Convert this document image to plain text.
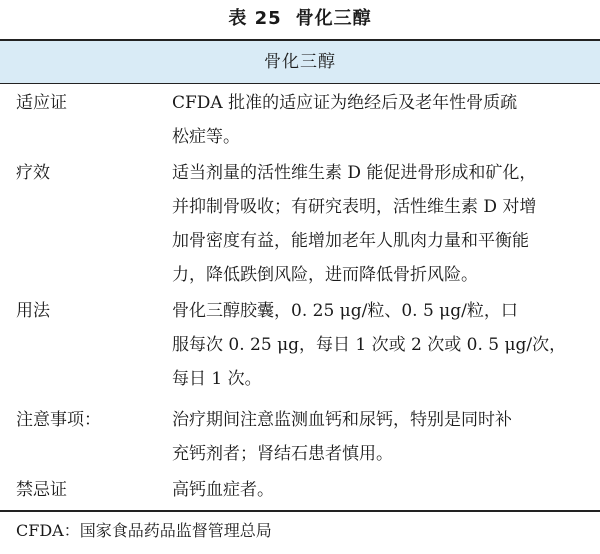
表 25 骨化三醇
骨化三醇
适应证	CFDA 批准的适应证为绝经后及老年性骨质疏
松症等。
疗效	适当剂量的活性维生素 D 能促进骨形成和矿化，
并抑制骨吸收；有研究表明，活性维生素 D 对增
加骨密度有益，能增加老年人肌肉力量和平衡能
力，降低跌倒风险，进而降低骨折风险。
用法	骨化三醇胶囊，0. 25 μg/粒、0. 5 μg/粒，口
服每次 0. 25 μg，每日 1 次或 2 次或 0. 5 μg/次，
每日 1 次。
注意事项：	治疗期间注意监测血钙和尿钙，特别是同时补
充钙剂者；肾结石患者慎用。
禁忌证	高钙血症者。
CFDA：国家食品药品监督管理总局
